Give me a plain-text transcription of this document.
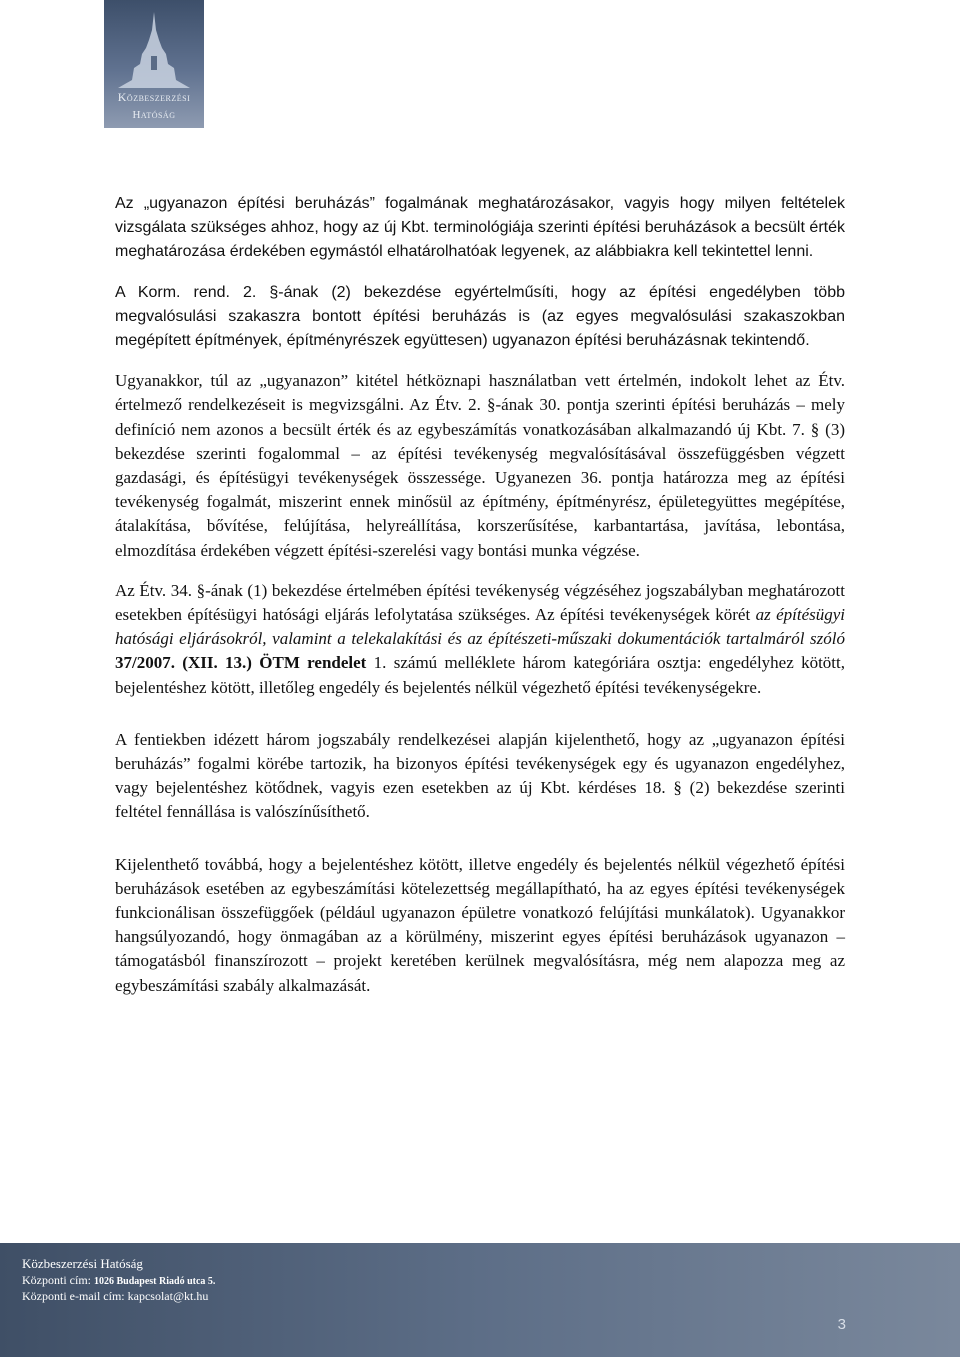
Közbeszerzési
Hatóság

Az „ugyanazon építési beruházás” fogalmának meghatározásakor, vagyis hogy milyen feltételek vizsgálata szükséges ahhoz, hogy az új Kbt. terminológiája szerinti építési beruházások a becsült érték meghatározása érdekében egymástól elhatárolhatóak legyenek, az alábbiakra kell tekintettel lenni.

A Korm. rend. 2. §-ának (2) bekezdése egyértelműsíti, hogy az építési engedélyben több megvalósulási szakaszra bontott építési beruházás is (az egyes megvalósulási szakaszokban megépített építmények, építményrészek együttesen) ugyanazon építési beruházásnak tekintendő.

Ugyanakkor, túl az „ugyanazon” kitétel hétköznapi használatban vett értelmén, indokolt lehet az Étv. értelmező rendelkezéseit is megvizsgálni. Az Étv. 2. §-ának 30. pontja szerinti építési beruházás – mely definíció nem azonos a becsült érték és az egybeszámítás vonatkozásában alkalmazandó új Kbt. 7. § (3) bekezdése szerinti fogalommal – az építési tevékenység megvalósításával összefüggésben végzett gazdasági, és építésügyi tevékenységek összessége. Ugyanezen 36. pontja határozza meg az építési tevékenység fogalmát, miszerint ennek minősül az építmény, építményrész, épületegyüttes megépítése, átalakítása, bővítése, felújítása, helyreállítása, korszerűsítése, karbantartása, javítása, lebontása, elmozdítása érdekében végzett építési-szerelési vagy bontási munka végzése.

Az Étv. 34. §-ának (1) bekezdése értelmében építési tevékenység végzéséhez jogszabályban meghatározott esetekben építésügyi hatósági eljárás lefolytatása szükséges. Az építési tevékenységek körét az építésügyi hatósági eljárásokról, valamint a telekalakítási és az építészeti-műszaki dokumentációk tartalmáról szóló 37/2007. (XII. 13.) ÖTM rendelet 1. számú melléklete három kategóriára osztja: engedélyhez kötött, bejelentéshez kötött, illetőleg engedély és bejelentés nélkül végezhető építési tevékenységekre.

A fentiekben idézett három jogszabály rendelkezései alapján kijelenthető, hogy az „ugyanazon építési beruházás” fogalmi körébe tartozik, ha bizonyos építési tevékenységek egy és ugyanazon engedélyhez, vagy bejelentéshez kötődnek, vagyis ezen esetekben az új Kbt. kérdéses 18. § (2) bekezdése szerinti feltétel fennállása is valószínűsíthető.

Kijelenthető továbbá, hogy a bejelentéshez kötött, illetve engedély és bejelentés nélkül végezhető építési beruházások esetében az egybeszámítási kötelezettség megállapítható, ha az egyes építési tevékenységek funkcionálisan összefüggőek (például ugyanazon épületre vonatkozó felújítási munkálatok). Ugyanakkor hangsúlyozandó, hogy önmagában az a körülmény, miszerint egyes építési beruházások ugyanazon – támogatásból finanszírozott – projekt keretében kerülnek megvalósításra, még nem alapozza meg az egybeszámítási szabály alkalmazását.

Közbeszerzési Hatóság
Központi cím: 1026 Budapest Riadó utca 5.
Központi e-mail cím: kapcsolat@kt.hu
3
